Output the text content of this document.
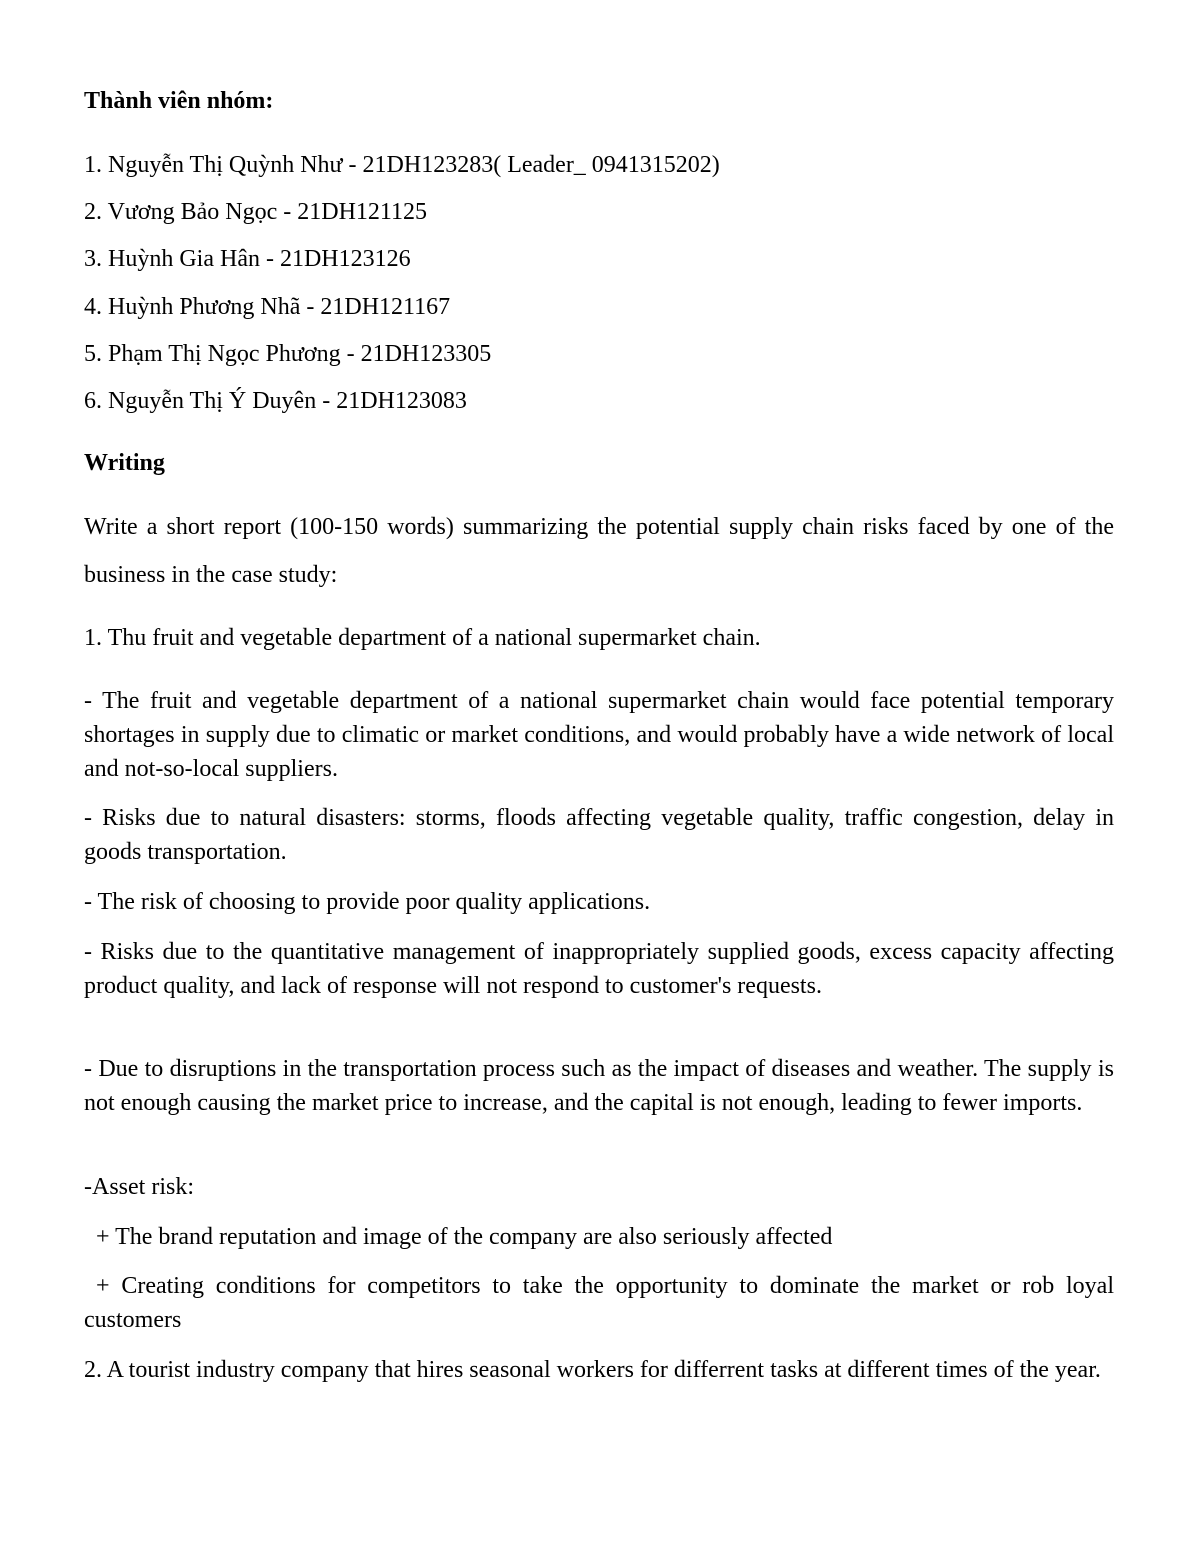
Thành viên nhóm:

1. Nguyễn Thị Quỳnh Như - 21DH123283( Leader_ 0941315202)

2. Vương Bảo Ngọc - 21DH121125

3. Huỳnh Gia Hân - 21DH123126

4. Huỳnh Phương Nhã - 21DH121167

5. Phạm Thị Ngọc Phương - 21DH123305

6. Nguyễn Thị Ý Duyên - 21DH123083

Writing

Write a short report (100-150 words) summarizing the potential supply chain risks faced by one of the business in the case study:

1. Thu fruit and vegetable department of a national supermarket chain.

- The fruit and vegetable department of a national supermarket chain would face potential temporary shortages in supply due to climatic or market conditions, and would probably have a wide network of local and not-so-local suppliers.

- Risks due to natural disasters: storms, floods affecting vegetable quality, traffic congestion, delay in goods transportation.

- The risk of choosing to provide poor quality applications.

- Risks due to the quantitative management of inappropriately supplied goods, excess capacity affecting product quality, and lack of response will not respond to customer's requests.

- Due to disruptions in the transportation process such as the impact of diseases and weather. The supply is not enough causing the market price to increase, and the capital is not enough, leading to fewer imports.

-Asset risk:

+ The brand reputation and image of the company are also seriously affected

+ Creating conditions for competitors to take the opportunity to dominate the market or rob loyal customers

2. A tourist industry company that hires seasonal workers for differrent tasks at different times of the year.
